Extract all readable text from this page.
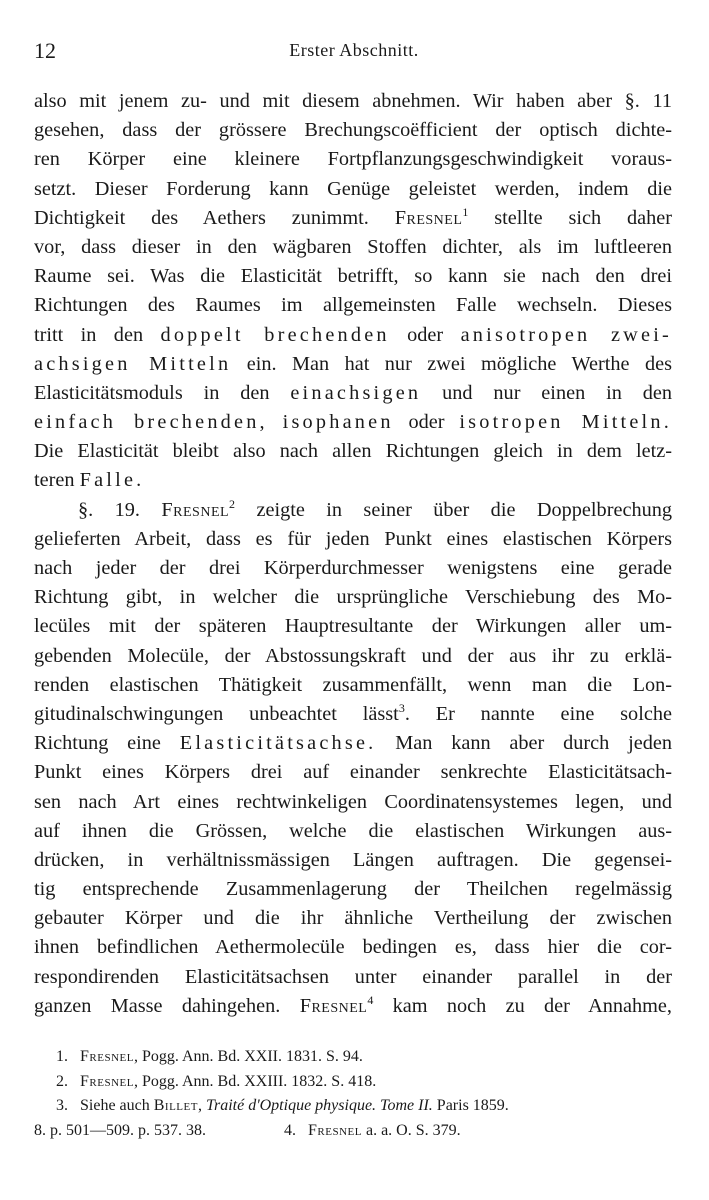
12	Erster Abschnitt.
also mit jenem zu- und mit diesem abnehmen. Wir haben aber §. 11
gesehen, dass der grössere Brechungscoëfficient der optisch dichte-
ren Körper eine kleinere Fortpflanzungsgeschwindigkeit voraus-
setzt. Dieser Forderung kann Genüge geleistet werden, indem die
Dichtigkeit des Aethers zunimmt. Fresnel$^1$ stellte sich daher
vor, dass dieser in den wägbaren Stoffen dichter, als im luftleeren
Raume sei. Was die Elasticität betrifft, so kann sie nach den drei
Richtungen des Raumes im allgemeinsten Falle wechseln. Dieses
tritt in den doppelt brechenden oder anisotropen zwei-
achsigen Mitteln ein. Man hat nur zwei mögliche Werthe des
Elasticitätsmoduls in den einachsigen und nur einen in den
einfach brechenden, isophanen oder isotropen Mitteln.
Die Elasticität bleibt also nach allen Richtungen gleich in dem letz-
teren Falle.
§. 19. Fresnel$^2$ zeigte in seiner über die Doppelbrechung
gelieferten Arbeit, dass es für jeden Punkt eines elastischen Körpers
nach jeder der drei Körperdurchmesser wenigstens eine gerade
Richtung gibt, in welcher die ursprüngliche Verschiebung des Mo-
lecüles mit der späteren Hauptresultante der Wirkungen aller um-
gebenden Molecüle, der Abstossungskraft und der aus ihr zu erklä-
renden elastischen Thätigkeit zusammenfällt, wenn man die Lon-
gitudinalschwingungen unbeachtet lässt$^3$. Er nannte eine solche
Richtung eine Elasticitätsachse. Man kann aber durch jeden
Punkt eines Körpers drei auf einander senkrechte Elasticitätsach-
sen nach Art eines rechtwinkeligen Coordinatensystemes legen, und
auf ihnen die Grössen, welche die elastischen Wirkungen aus-
drücken, in verhältnissmässigen Längen auftragen. Die gegensei-
tig entsprechende Zusammenlagerung der Theilchen regelmässig
gebauter Körper und die ihr ähnliche Vertheilung der zwischen
ihnen befindlichen Aethermolecüle bedingen es, dass hier die cor-
respondirenden Elasticitätsachsen unter einander parallel in der
ganzen Masse dahingehen. Fresnel$^4$ kam noch zu der Annahme,
1. Fresnel, Pogg. Ann. Bd. XXII. 1831. S. 94.
2. Fresnel, Pogg. Ann. Bd. XXIII. 1832. S. 418.
3. Siehe auch Billet, Traité d'Optique physique. Tome II. Paris 1859.
8. p. 501—509. p. 537. 38.	4. Fresnel a. a. O. S. 379.
